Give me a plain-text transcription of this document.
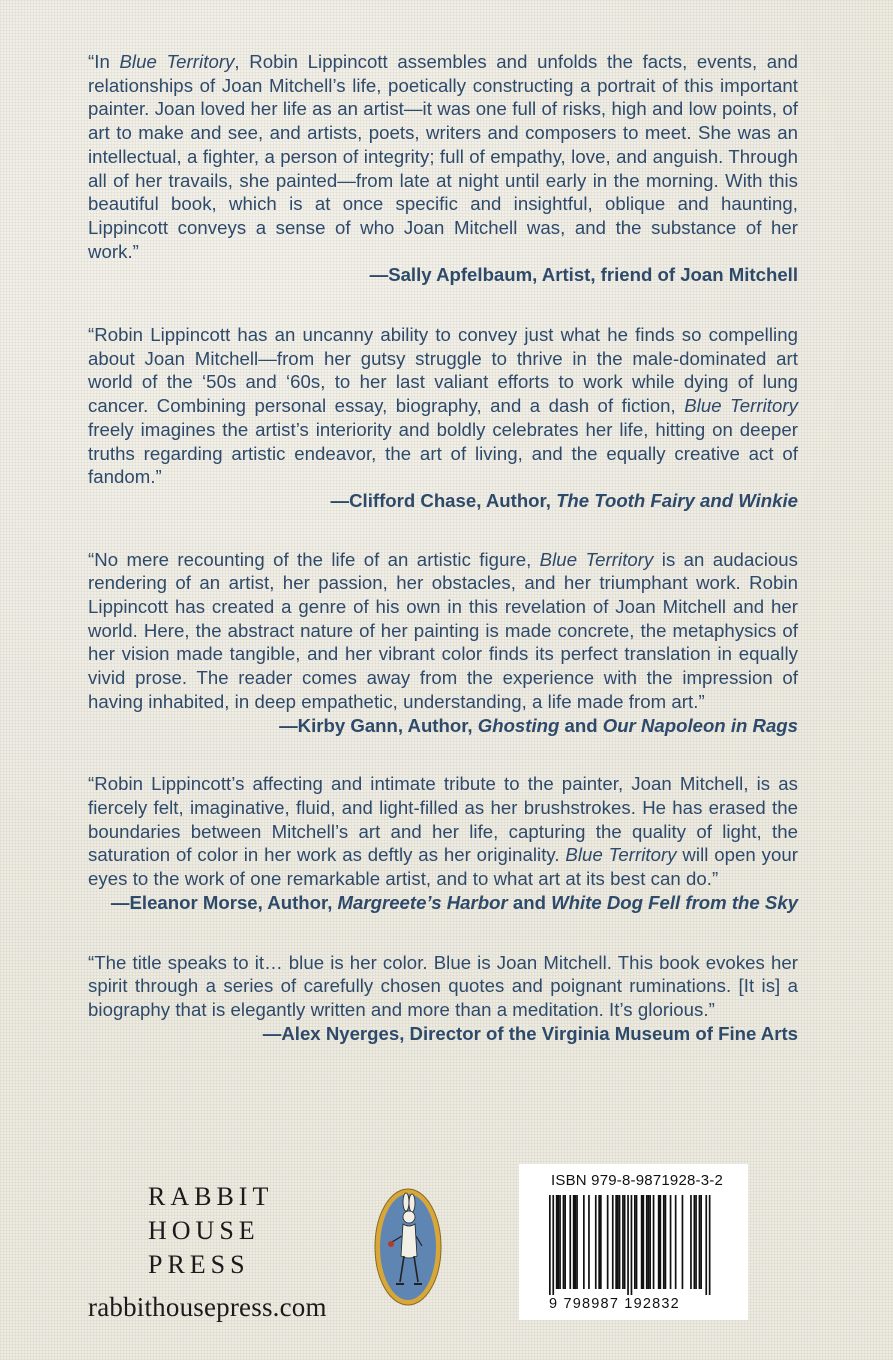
“In Blue Territory, Robin Lippincott assembles and unfolds the facts, events, and relationships of Joan Mitchell’s life, poetically constructing a portrait of this important painter. Joan loved her life as an artist—it was one full of risks, high and low points, of art to make and see, and artists, poets, writers and composers to meet. She was an intellectual, a fighter, a person of integrity; full of empathy, love, and anguish. Through all of her travails, she painted—from late at night until early in the morning. With this beautiful book, which is at once specific and insightful, oblique and haunting, Lippincott conveys a sense of who Joan Mitchell was, and the substance of her work.”

—Sally Apfelbaum, Artist, friend of Joan Mitchell

“Robin Lippincott has an uncanny ability to convey just what he finds so compelling about Joan Mitchell—from her gutsy struggle to thrive in the male-dominated art world of the ‘50s and ‘60s, to her last valiant efforts to work while dying of lung cancer. Combining personal essay, biography, and a dash of fiction, Blue Territory freely imagines the artist’s interiority and boldly celebrates her life, hitting on deeper truths regarding artistic endeavor, the art of living, and the equally creative act of fandom.”

—Clifford Chase, Author, The Tooth Fairy and Winkie

“No mere recounting of the life of an artistic figure, Blue Territory is an audacious rendering of an artist, her passion, her obstacles, and her triumphant work. Robin Lippincott has created a genre of his own in this revelation of Joan Mitchell and her world. Here, the abstract nature of her painting is made concrete, the metaphysics of her vision made tangible, and her vibrant color finds its perfect translation in equally vivid prose. The reader comes away from the experience with the impression of having inhabited, in deep empathetic, understanding, a life made from art.”

—Kirby Gann, Author, Ghosting and Our Napoleon in Rags

“Robin Lippincott’s affecting and intimate tribute to the painter, Joan Mitchell, is as fiercely felt, imaginative, fluid, and light-filled as her brushstrokes. He has erased the boundaries between Mitchell’s art and her life, capturing the quality of light, the saturation of color in her work as deftly as her originality. Blue Territory will open your eyes to the work of one remarkable artist, and to what art at its best can do.”

—Eleanor Morse, Author, Margreete’s Harbor and White Dog Fell from the Sky

“The title speaks to it… blue is her color. Blue is Joan Mitchell. This book evokes her spirit through a series of carefully chosen quotes and poignant ruminations. [It is] a biography that is elegantly written and more than a meditation. It’s glorious.”

—Alex Nyerges, Director of the Virginia Museum of Fine Arts

RABBIT
HOUSE
PRESS
rabbithousepress.com
ISBN 979-8-9871928-3-2
9 798987 192832
